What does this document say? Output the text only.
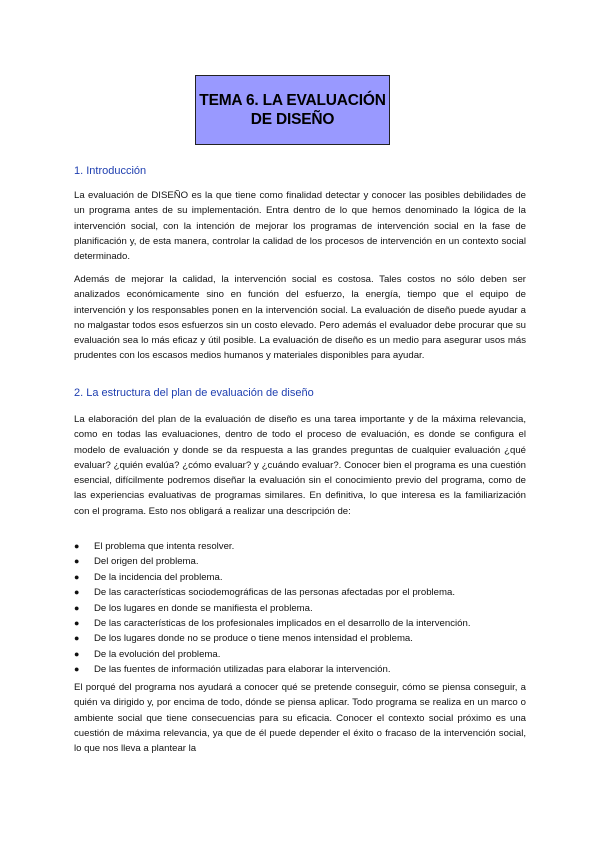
TEMA 6. LA EVALUACIÓN
DE DISEÑO
1. Introducción

La evaluación de DISEÑO es la que tiene como finalidad detectar y conocer las posibles debilidades de un programa antes de su implementación. Entra dentro de lo que hemos denominado la lógica de la intervención social, con la intención de mejorar los programas de intervención social en la fase de planificación y, de esta manera, controlar la calidad de los procesos de intervención en un contexto social determinado.

Además de mejorar la calidad, la intervención social es costosa. Tales costos no sólo deben ser analizados económicamente sino en función del esfuerzo, la energía, tiempo que el equipo de intervención y los responsables ponen en la intervención social. La evaluación de diseño puede ayudar a no malgastar todos esos esfuerzos sin un costo elevado. Pero además el evaluador debe procurar que su evaluación sea lo más eficaz y útil posible. La evaluación de diseño es un medio para asegurar usos más prudentes con los escasos medios humanos y materiales disponibles para ayudar.

2. La estructura del plan de evaluación de diseño

La elaboración del plan de la evaluación de diseño es una tarea importante y de la máxima relevancia, como en todas las evaluaciones, dentro de todo el proceso de evaluación, es donde se configura el modelo de evaluación y donde se da respuesta a las grandes preguntas de cualquier evaluación ¿qué evaluar? ¿quién evalúa? ¿cómo evaluar? y ¿cuándo evaluar?. Conocer bien el programa es una cuestión esencial, difícilmente podremos diseñar la evaluación sin el conocimiento previo del programa, como de las experiencias evaluativas de programas similares. En definitiva, lo que interesa es la familiarización con el programa. Esto nos obligará a realizar una descripción de:

●	El problema que intenta resolver.
●	Del origen del problema.
●	De la incidencia del problema.
●	De las características sociodemográficas de las personas afectadas por el problema.
●	De los lugares en donde se manifiesta el problema.
●	De las características de los profesionales implicados en el desarrollo de la intervención.
●	De los lugares donde no se produce o tiene menos intensidad el problema.
●	De la evolución del problema.
●	De las fuentes de información utilizadas para elaborar la intervención.

El porqué del programa nos ayudará a conocer qué se pretende conseguir, cómo se piensa conseguir, a quién va dirigido y, por encima de todo, dónde se piensa aplicar. Todo programa se realiza en un marco o ambiente social que tiene consecuencias para su eficacia. Conocer el contexto social próximo es una cuestión de máxima relevancia, ya que de él puede depender el éxito o fracaso de la intervención social, lo que nos lleva a plantear la
